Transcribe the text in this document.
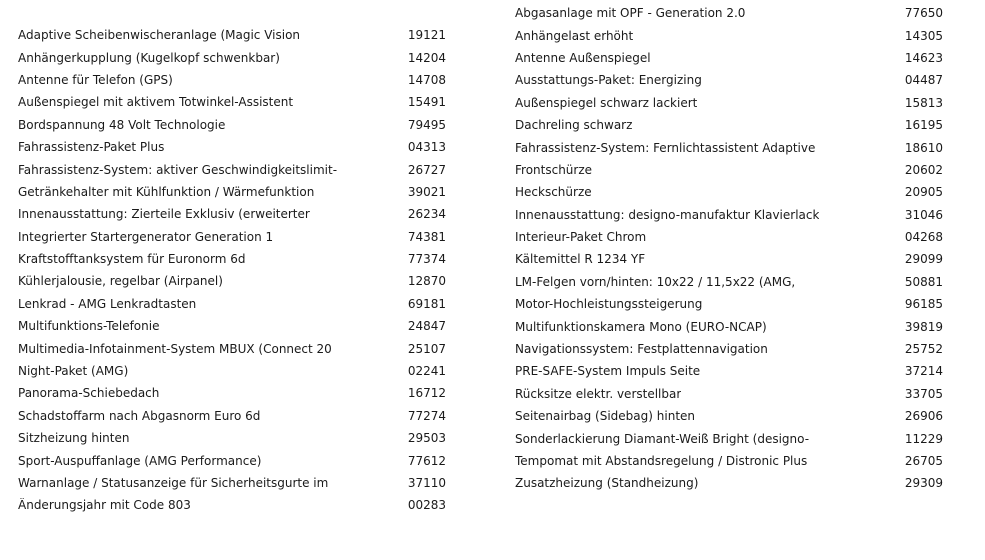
Adaptive Scheibenwischeranlage (Magic Vision	19121
Anhängerkupplung (Kugelkopf schwenkbar)	14204
Antenne für Telefon (GPS)	14708
Außenspiegel mit aktivem Totwinkel-Assistent	15491
Bordspannung 48 Volt Technologie	79495
Fahrassistenz-Paket Plus	04313
Fahrassistenz-System: aktiver Geschwindigkeitslimit-	26727
Getränkehalter mit Kühlfunktion / Wärmefunktion	39021
Innenausstattung: Zierteile Exklusiv (erweiterter	26234
Integrierter Startergenerator Generation 1	74381
Kraftstofftanksystem für Euronorm 6d	77374
Kühlerjalousie, regelbar (Airpanel)	12870
Lenkrad - AMG Lenkradtasten	69181
Multifunktions-Telefonie	24847
Multimedia-Infotainment-System MBUX (Connect 20	25107
Night-Paket (AMG)	02241
Panorama-Schiebedach	16712
Schadstoffarm nach Abgasnorm Euro 6d	77274
Sitzheizung hinten	29503
Sport-Auspuffanlage (AMG Performance)	77612
Warnanlage / Statusanzeige für Sicherheitsgurte im	37110
Änderungsjahr mit Code 803	00283
Abgasanlage mit OPF - Generation 2.0	77650
Anhängelast erhöht	14305
Antenne Außenspiegel	14623
Ausstattungs-Paket: Energizing	04487
Außenspiegel schwarz lackiert	15813
Dachreling schwarz	16195
Fahrassistenz-System: Fernlichtassistent Adaptive	18610
Frontschürze	20602
Heckschürze	20905
Innenausstattung: designo-manufaktur Klavierlack	31046
Interieur-Paket Chrom	04268
Kältemittel R 1234 YF	29099
LM-Felgen vorn/hinten: 10x22 / 11,5x22 (AMG,	50881
Motor-Hochleistungssteigerung	96185
Multifunktionskamera Mono (EURO-NCAP)	39819
Navigationssystem: Festplattennavigation	25752
PRE-SAFE-System Impuls Seite	37214
Rücksitze elektr. verstellbar	33705
Seitenairbag (Sidebag) hinten	26906
Sonderlackierung Diamant-Weiß Bright (designo-	11229
Tempomat mit Abstandsregelung / Distronic Plus	26705
Zusatzheizung (Standheizung)	29309
